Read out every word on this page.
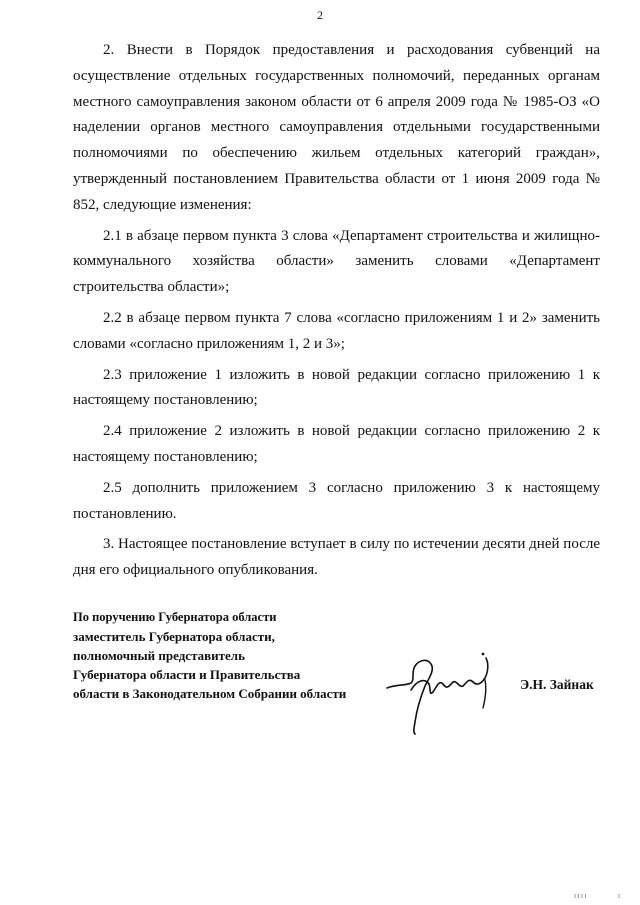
2

2. Внести в Порядок предоставления и расходования субвенций на осуществление отдельных государственных полномочий, переданных органам местного самоуправления законом области от 6 апреля 2009 года № 1985-ОЗ «О наделении органов местного самоуправления отдельными государственными полномочиями по обеспечению жильем отдельных категорий граждан», утвержденный постановлением Правительства области от 1 июня 2009 года № 852, следующие изменения:

2.1 в абзаце первом пункта 3 слова «Департамент строительства и жилищно-коммунального хозяйства области» заменить словами «Департамент строительства области»;

2.2 в абзаце первом пункта 7 слова «согласно приложениям 1 и 2» заменить словами «согласно приложениям 1, 2 и 3»;

2.3 приложение 1 изложить в новой редакции согласно приложению 1 к настоящему постановлению;

2.4 приложение 2 изложить в новой редакции согласно приложению 2 к настоящему постановлению;

2.5 дополнить приложением 3 согласно приложению 3 к настоящему постановлению.

3. Настоящее постановление вступает в силу по истечении десяти дней после дня его официального опубликования.

По поручению Губернатора области
заместитель Губернатора области,
полномочный представитель
Губернатора области и Правительства
области в Законодательном Собрании области
Э.Н. Зайнак
I I I I	I
